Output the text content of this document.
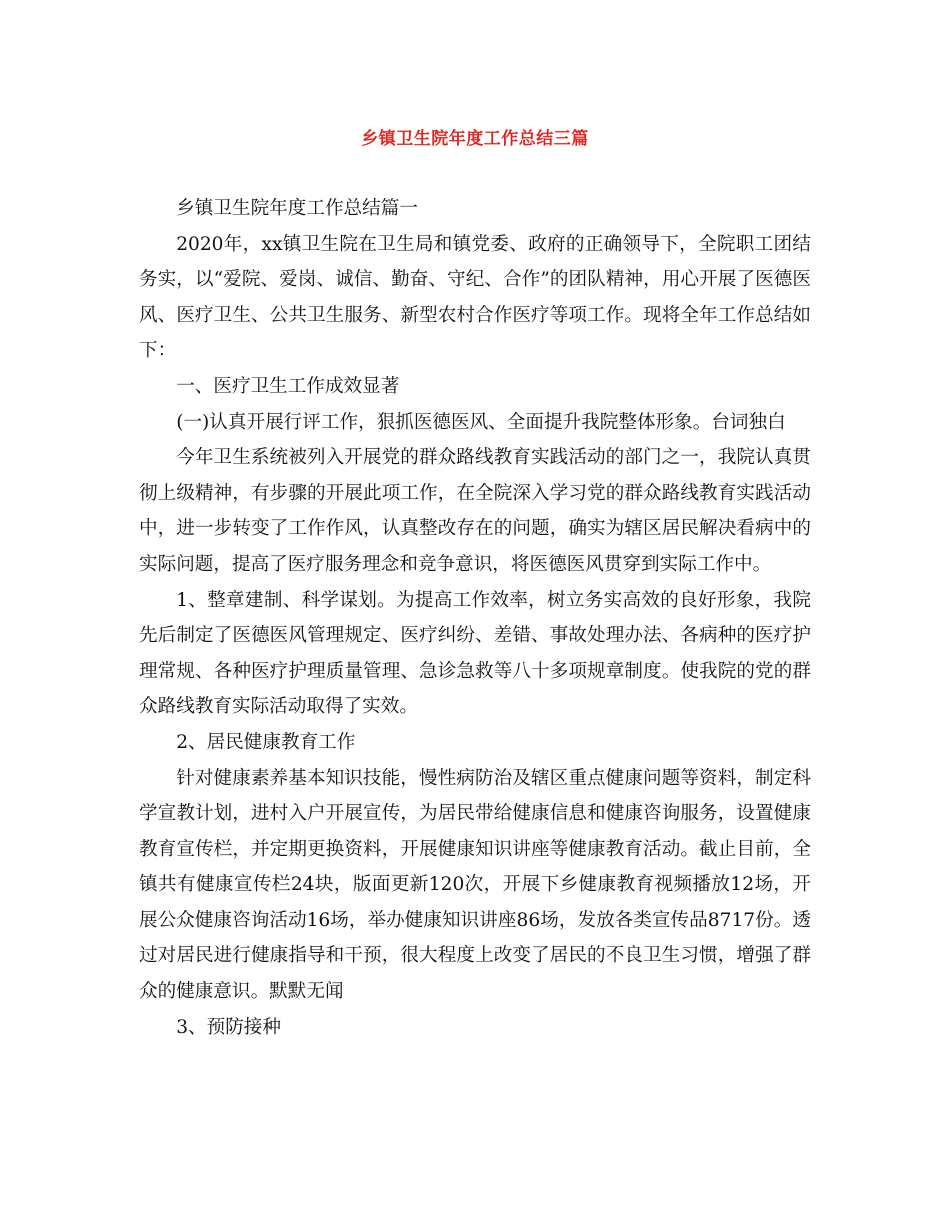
乡镇卫生院年度工作总结三篇

乡镇卫生院年度工作总结篇一

2020年，xx镇卫生院在卫生局和镇党委、政府的正确领导下，全院职工团结务实，以“爱院、爱岗、诚信、勤奋、守纪、合作”的团队精神，用心开展了医德医风、医疗卫生、公共卫生服务、新型农村合作医疗等项工作。现将全年工作总结如下：

一、医疗卫生工作成效显著

(一)认真开展行评工作，狠抓医德医风、全面提升我院整体形象。台词独白

今年卫生系统被列入开展党的群众路线教育实践活动的部门之一，我院认真贯彻上级精神，有步骤的开展此项工作，在全院深入学习党的群众路线教育实践活动中，进一步转变了工作作风，认真整改存在的问题，确实为辖区居民解决看病中的实际问题，提高了医疗服务理念和竞争意识，将医德医风贯穿到实际工作中。

1、整章建制、科学谋划。为提高工作效率，树立务实高效的良好形象，我院先后制定了医德医风管理规定、医疗纠纷、差错、事故处理办法、各病种的医疗护理常规、各种医疗护理质量管理、急诊急救等八十多项规章制度。使我院的党的群众路线教育实际活动取得了实效。

2、居民健康教育工作

针对健康素养基本知识技能，慢性病防治及辖区重点健康问题等资料，制定科学宣教计划，进村入户开展宣传，为居民带给健康信息和健康咨询服务，设置健康教育宣传栏，并定期更换资料，开展健康知识讲座等健康教育活动。截止目前，全镇共有健康宣传栏24块，版面更新120次，开展下乡健康教育视频播放12场，开展公众健康咨询活动16场，举办健康知识讲座86场，发放各类宣传品8717份。透过对居民进行健康指导和干预，很大程度上改变了居民的不良卫生习惯，增强了群众的健康意识。默默无闻

3、预防接种
